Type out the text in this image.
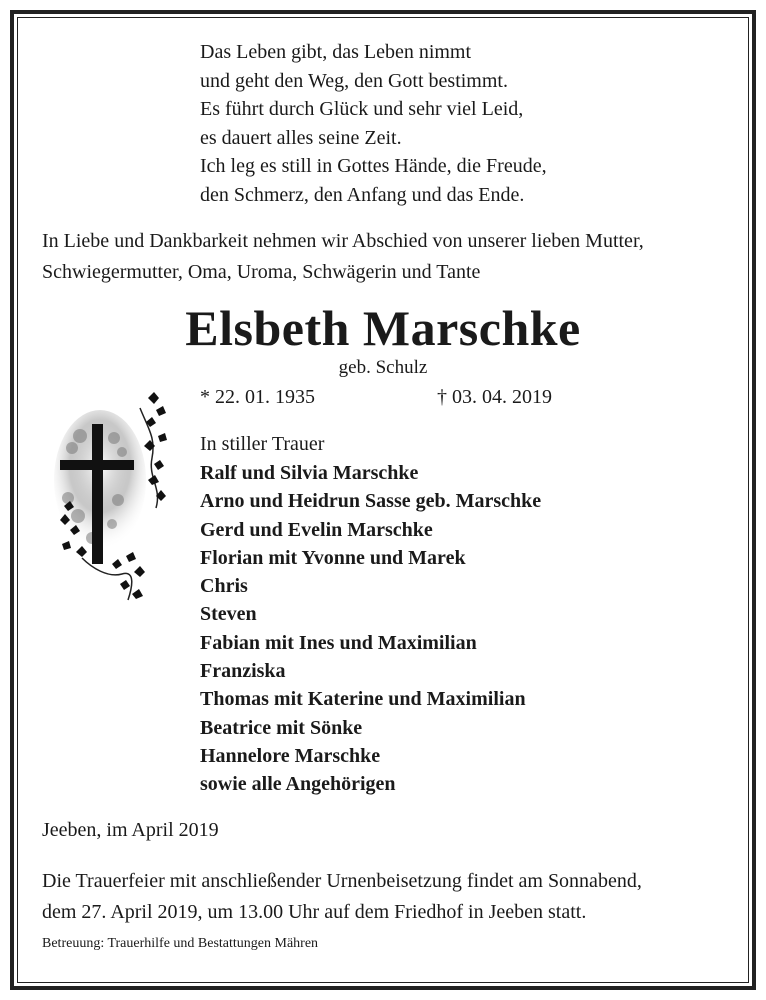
Das Leben gibt, das Leben nimmt
und geht den Weg, den Gott bestimmt.
Es führt durch Glück und sehr viel Leid,
es dauert alles seine Zeit.
Ich leg es still in Gottes Hände, die Freude,
den Schmerz, den Anfang und das Ende.
In Liebe und Dankbarkeit nehmen wir Abschied von unserer lieben Mutter,
Schwiegermutter, Oma, Uroma, Schwägerin und Tante
Elsbeth Marschke
geb. Schulz
* 22. 01. 1935	† 03. 04. 2019
In stiller Trauer
Ralf und Silvia Marschke
Arno und Heidrun Sasse geb. Marschke
Gerd und Evelin Marschke
Florian mit Yvonne und Marek
Chris
Steven
Fabian mit Ines und Maximilian
Franziska
Thomas mit Katerine und Maximilian
Beatrice mit Sönke
Hannelore Marschke
sowie alle Angehörigen
Jeeben, im April 2019
Die Trauerfeier mit anschließender Urnenbeisetzung findet am Sonnabend,
dem 27. April 2019, um 13.00 Uhr auf dem Friedhof in Jeeben statt.
Betreuung: Trauerhilfe und Bestattungen Mähren
